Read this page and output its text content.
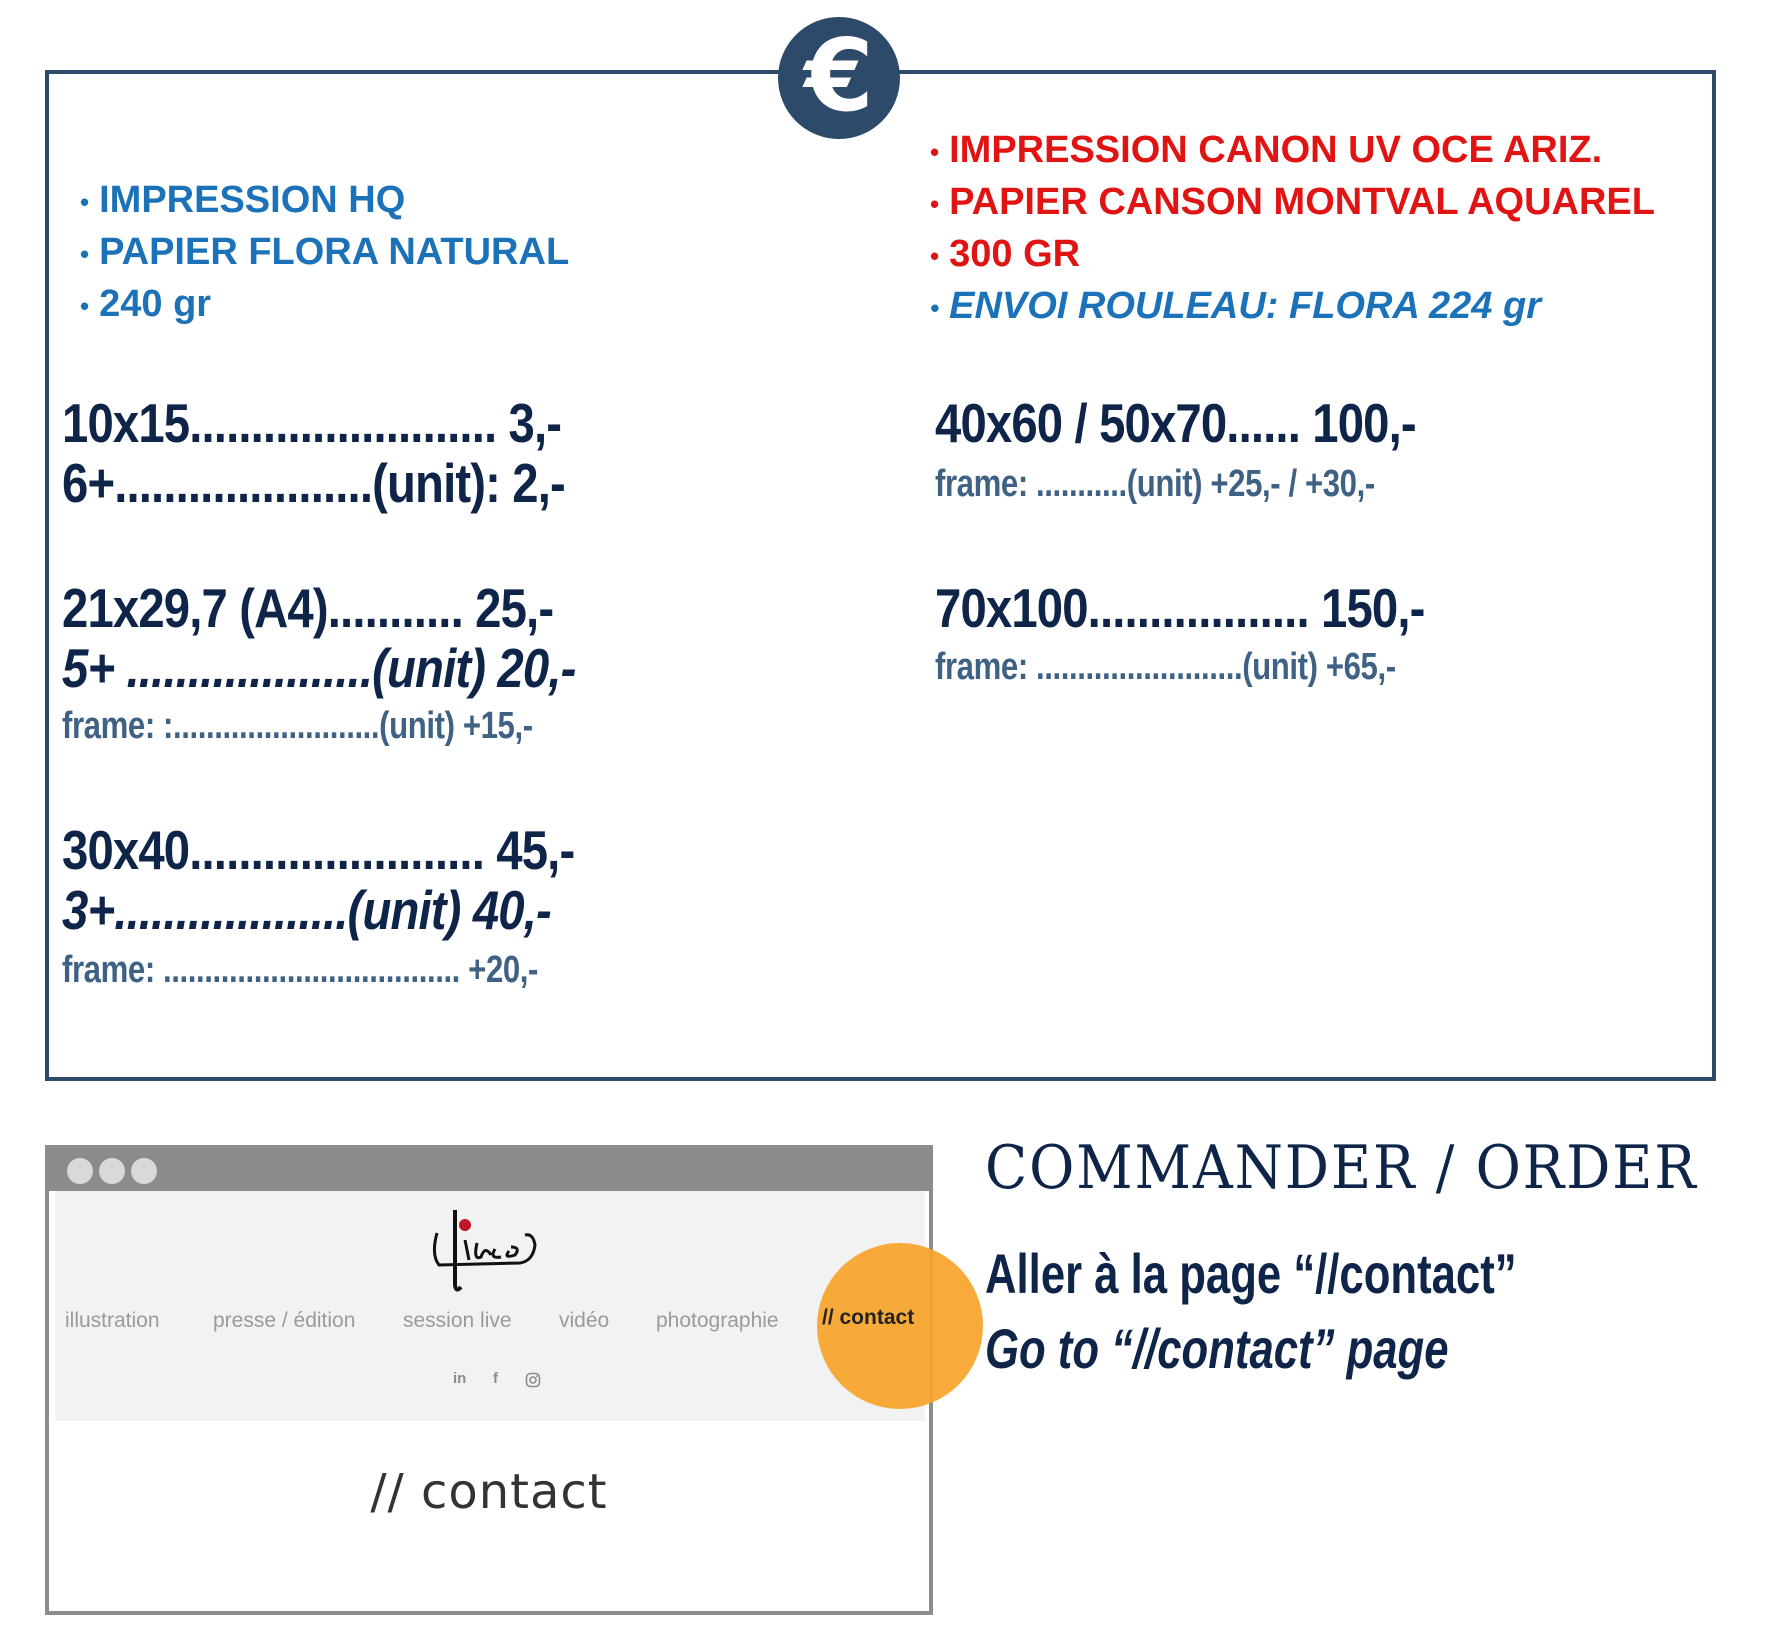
€
• IMPRESSION HQ
• PAPIER FLORA NATURAL
• 240 gr
• IMPRESSION CANON UV OCE ARIZ.
• PAPIER CANSON MONTVAL AQUAREL
• 300 GR
• ENVOI ROULEAU: FLORA 224 gr
10x15......................... 3,-
6+.....................(unit): 2,-
21x29,7 (A4)........... 25,-
5+ ....................(unit) 20,-
frame: :.........................(unit) +15,-
30x40........................ 45,-
3+...................(unit) 40,-
frame: .................................... +20,-
40x60 / 50x70...... 100,-
frame: ...........(unit) +25,- / +30,-
70x100.................. 150,-
frame: .........................(unit) +65,-
illustration	presse / édition session live vidéo photographie
in f
// contact
// contact
COMMANDER / ORDER
Aller à la page “//contact”
Go to “//contact” page
